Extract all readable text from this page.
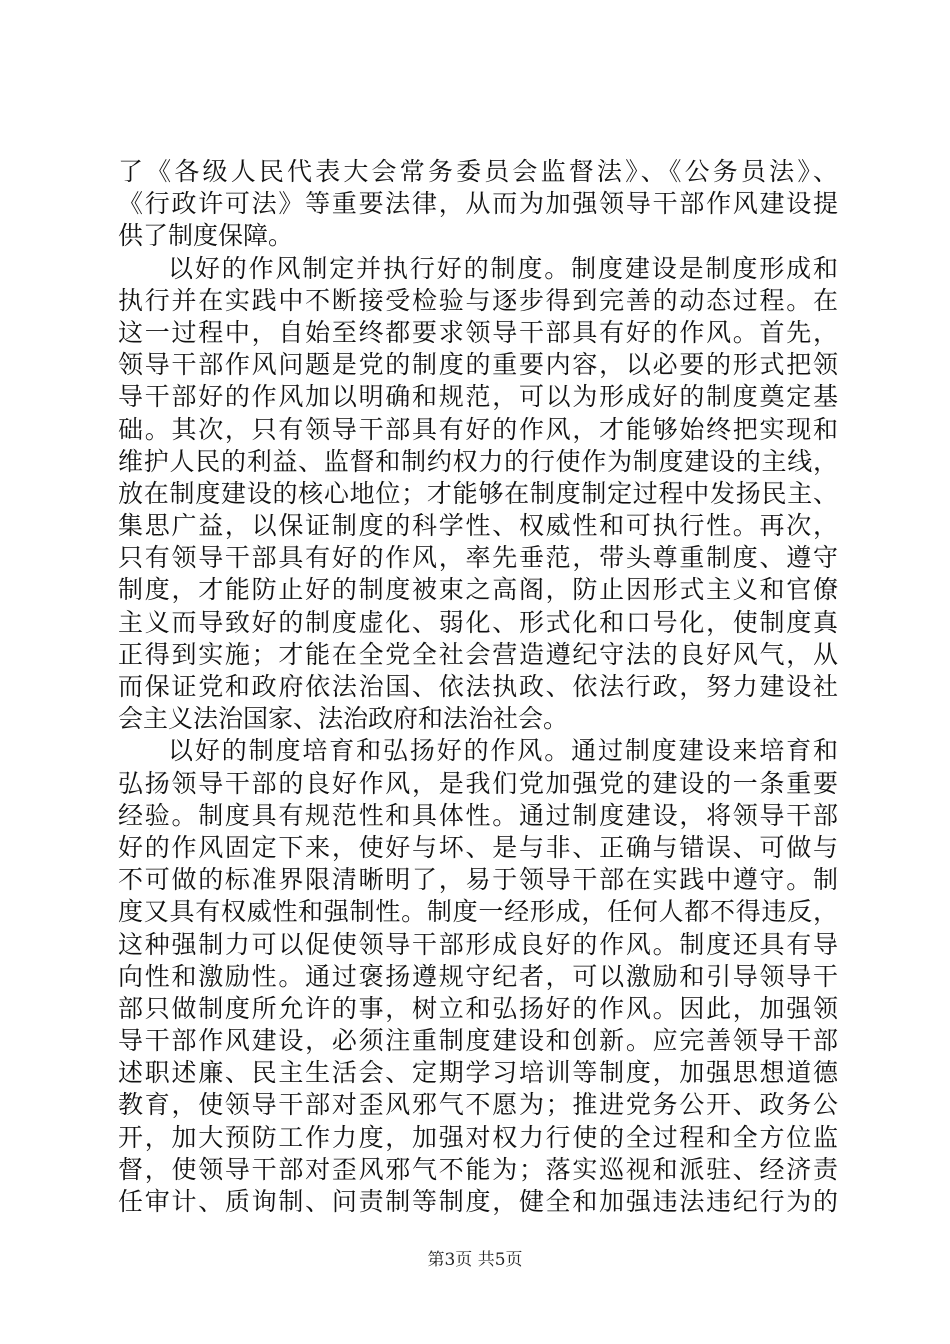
了《各级人民代表大会常务委员会监督法》、《公务员法》、
《行政许可法》等重要法律，从而为加强领导干部作风建设提
供了制度保障。
以好的作风制定并执行好的制度。制度建设是制度形成和
执行并在实践中不断接受检验与逐步得到完善的动态过程。在
这一过程中，自始至终都要求领导干部具有好的作风。首先，
领导干部作风问题是党的制度的重要内容，以必要的形式把领
导干部好的作风加以明确和规范，可以为形成好的制度奠定基
础。其次，只有领导干部具有好的作风，才能够始终把实现和
维护人民的利益、监督和制约权力的行使作为制度建设的主线，
放在制度建设的核心地位；才能够在制度制定过程中发扬民主、
集思广益，以保证制度的科学性、权威性和可执行性。再次，
只有领导干部具有好的作风，率先垂范，带头尊重制度、遵守
制度，才能防止好的制度被束之高阁，防止因形式主义和官僚
主义而导致好的制度虚化、弱化、形式化和口号化，使制度真
正得到实施；才能在全党全社会营造遵纪守法的良好风气，从
而保证党和政府依法治国、依法执政、依法行政，努力建设社
会主义法治国家、法治政府和法治社会。
以好的制度培育和弘扬好的作风。通过制度建设来培育和
弘扬领导干部的良好作风，是我们党加强党的建设的一条重要
经验。制度具有规范性和具体性。通过制度建设，将领导干部
好的作风固定下来，使好与坏、是与非、正确与错误、可做与
不可做的标准界限清晰明了，易于领导干部在实践中遵守。制
度又具有权威性和强制性。制度一经形成，任何人都不得违反，
这种强制力可以促使领导干部形成良好的作风。制度还具有导
向性和激励性。通过褒扬遵规守纪者，可以激励和引导领导干
部只做制度所允许的事，树立和弘扬好的作风。因此，加强领
导干部作风建设，必须注重制度建设和创新。应完善领导干部
述职述廉、民主生活会、定期学习培训等制度，加强思想道德
教育，使领导干部对歪风邪气不愿为；推进党务公开、政务公
开，加大预防工作力度，加强对权力行使的全过程和全方位监
督，使领导干部对歪风邪气不能为；落实巡视和派驻、经济责
任审计、质询制、问责制等制度，健全和加强违法违纪行为的
第3页 共5页
